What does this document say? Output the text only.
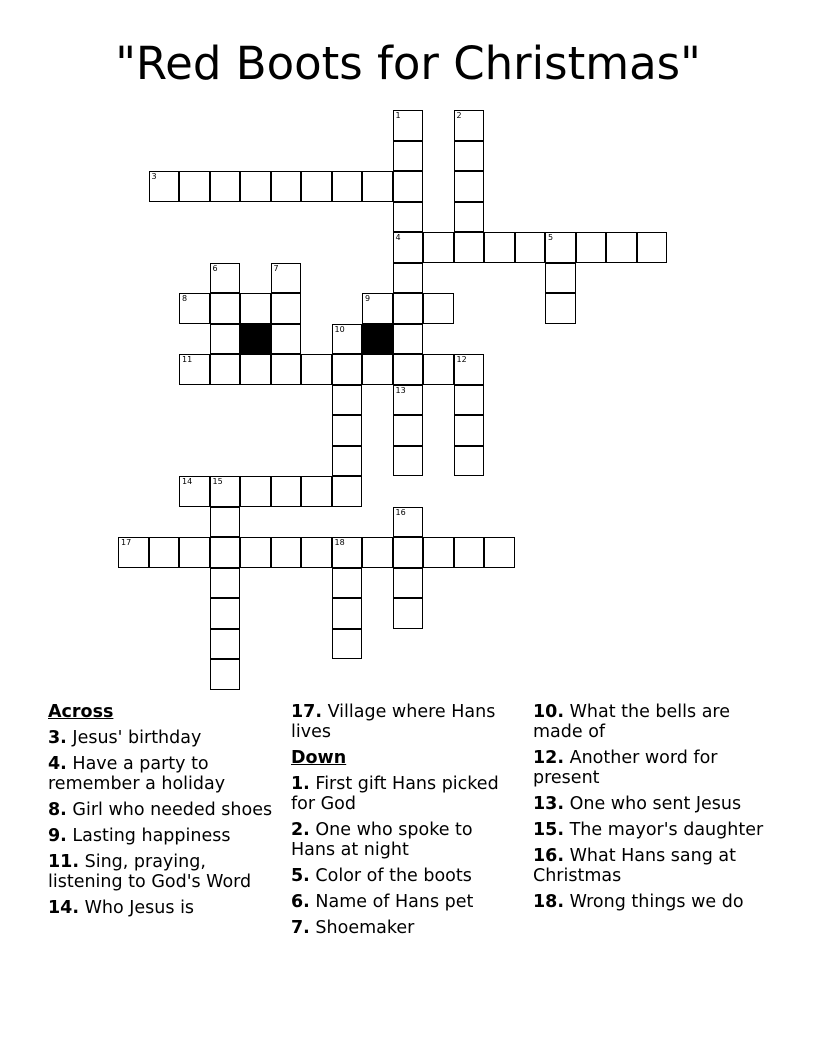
"Red Boots for Christmas"
3
4	5
8	9
11
14	15
17	18
1	2
6	7
10
12
13
16
Across
3. Jesus' birthday
4. Have a party to remember a holiday
8. Girl who needed shoes
9. Lasting happiness
11. Sing, praying, listening to God's Word
14. Who Jesus is
17. Village where Hans lives
Down
1. First gift Hans picked for God
2. One who spoke to Hans at night
5. Color of the boots
6. Name of Hans pet
7. Shoemaker
10. What the bells are made of
12. Another word for present
13. One who sent Jesus
15. The mayor's daughter
16. What Hans sang at Christmas
18. Wrong things we do
